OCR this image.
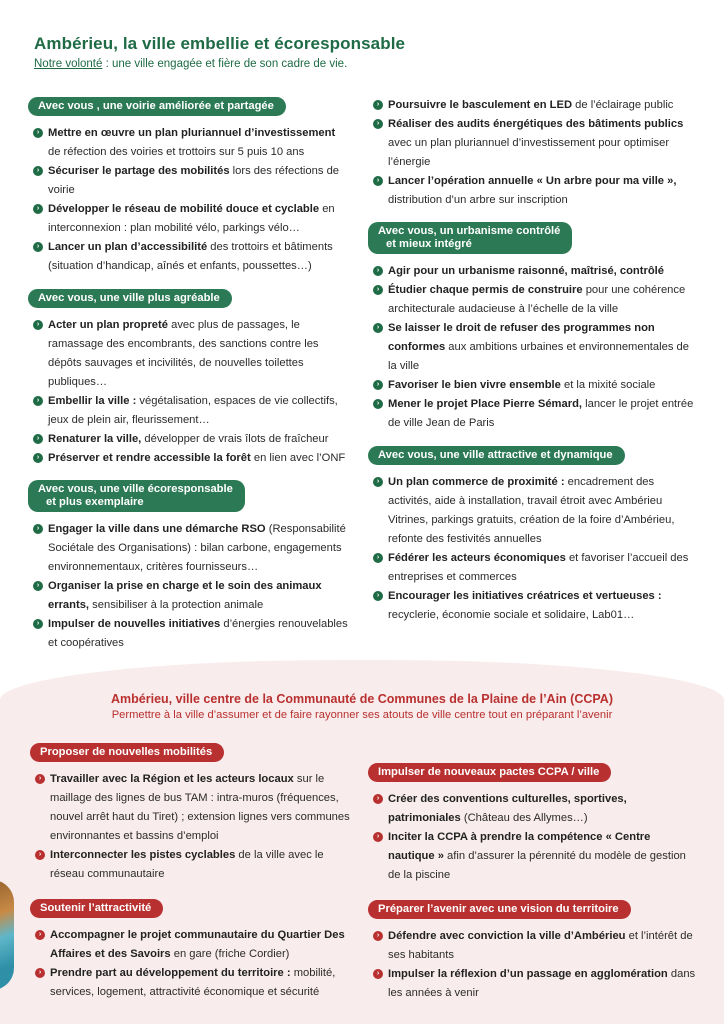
Ambérieu, la ville embellie et écoresponsable
Notre volonté : une ville engagée et fière de son cadre de vie.
Avec vous , une voirie améliorée et partagée
› Mettre en œuvre un plan pluriannuel d’investissement de réfection des voiries et trottoirs sur 5 puis 10 ans
› Sécuriser le partage des mobilités lors des réfections de voirie
› Développer le réseau de mobilité douce et cyclable en interconnexion : plan mobilité vélo, parkings vélo…
› Lancer un plan d’accessibilité des trottoirs et bâtiments (situation d’handicap, aînés et enfants, poussettes…)
Avec vous, une ville plus agréable
› Acter un plan propreté avec plus de passages, le ramassage des encombrants, des sanctions contre les dépôts sauvages et incivilités, de nouvelles toilettes publiques…
› Embellir la ville : végétalisation, espaces de vie collectifs, jeux de plein air, fleurissement…
› Renaturer la ville, développer de vrais îlots de fraîcheur
› Préserver et rendre accessible la forêt en lien avec l’ONF
Avec vous, une ville écoresponsable
et plus exemplaire
› Engager la ville dans une démarche RSO (Responsabilité Sociétale des Organisations) : bilan carbone, engagements environnementaux, critères fournisseurs…
› Organiser la prise en charge et le soin des animaux errants, sensibiliser à la protection animale
› Impulser de nouvelles initiatives d’énergies renouvelables et coopératives
› Poursuivre le basculement en LED de l’éclairage public
› Réaliser des audits énergétiques des bâtiments publics avec un plan pluriannuel d’investissement pour optimiser l’énergie
› Lancer l’opération annuelle « Un arbre pour ma ville », distribution d’un arbre sur inscription
Avec vous, un urbanisme contrôlé
et mieux intégré
› Agir pour un urbanisme raisonné, maîtrisé, contrôlé
› Étudier chaque permis de construire pour une cohérence architecturale audacieuse à l’échelle de la ville
› Se laisser le droit de refuser des programmes non conformes aux ambitions urbaines et environnementales de la ville
› Favoriser le bien vivre ensemble et la mixité sociale
› Mener le projet Place Pierre Sémard, lancer le projet entrée de ville Jean de Paris
Avec vous, une ville attractive et dynamique
› Un plan commerce de proximité : encadrement des activités, aide à installation, travail étroit avec Ambérieu Vitrines, parkings gratuits, création de la foire d’Ambérieu, refonte des festivités annuelles
› Fédérer les acteurs économiques et favoriser l’accueil des entreprises et commerces
› Encourager les initiatives créatrices et vertueuses : recyclerie, économie sociale et solidaire, Lab01…
Ambérieu, ville centre de la Communauté de Communes de la Plaine de l’Ain (CCPA)
Permettre à la ville d’assumer et de faire rayonner ses atouts de ville centre tout en préparant l’avenir
Proposer de nouvelles mobilités
› Travailler avec la Région et les acteurs locaux sur le maillage des lignes de bus TAM : intra-muros (fréquences, nouvel arrêt haut du Tiret) ; extension lignes vers communes environnantes et bassins d’emploi
› Interconnecter les pistes cyclables de la ville avec le réseau communautaire
Soutenir l’attractivité
› Accompagner le projet communautaire du Quartier Des Affaires et des Savoirs en gare (friche Cordier)
› Prendre part au développement du territoire : mobilité, services, logement, attractivité économique et sécurité
Impulser de nouveaux pactes CCPA / ville
› Créer des conventions culturelles, sportives, patrimoniales (Château des Allymes…)
› Inciter la CCPA à prendre la compétence « Centre nautique » afin d’assurer la pérennité du modèle de gestion de la piscine
Préparer l’avenir avec une vision du territoire
› Défendre avec conviction la ville d’Ambérieu et l’intérêt de ses habitants
› Impulser la réflexion d’un passage en agglomération dans les années à venir
